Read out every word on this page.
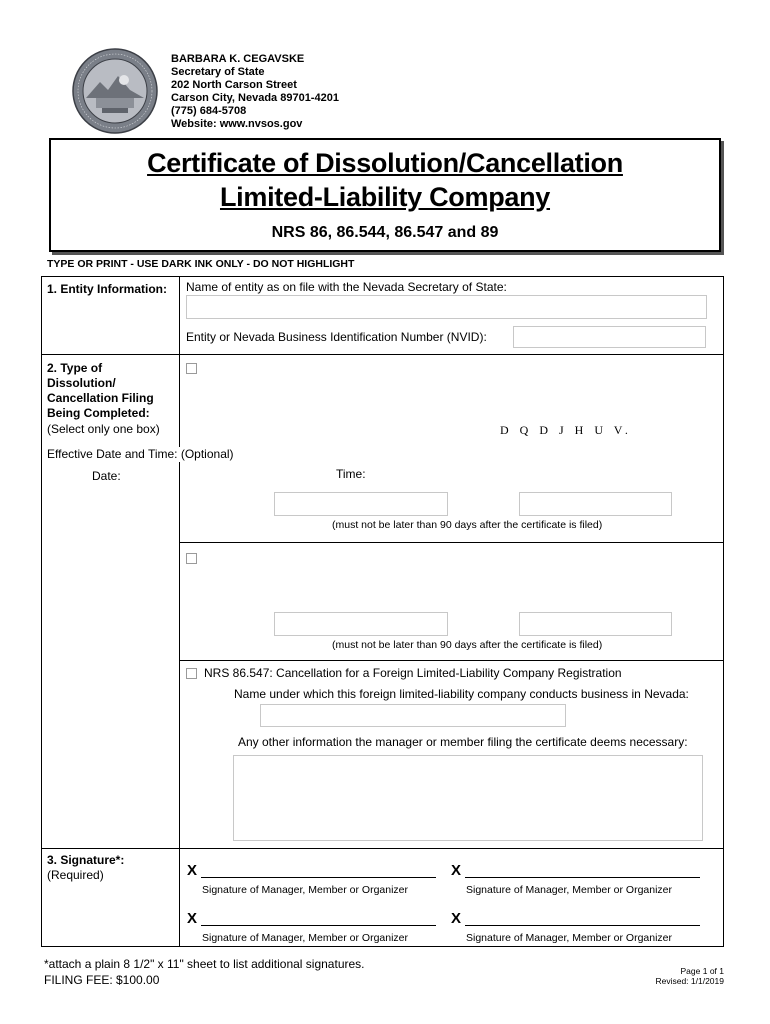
BARBARA K. CEGAVSKE
Secretary of State
202 North Carson Street
Carson City, Nevada 89701-4201
(775) 684-5708
Website: www.nvsos.gov
Certificate of Dissolution/Cancellation
Limited-Liability Company
NRS 86, 86.544, 86.547 and 89
TYPE OR PRINT - USE DARK INK ONLY - DO NOT HIGHLIGHT
1. Entity Information: Name of entity as on file with the Nevada Secretary of State:
Entity or Nevada Business Identification Number (NVID):
2. Type of
Dissolution/
Cancellation Filing
Being Completed:
(Select only one box)	D Q D J H U V.
Effective Date and Time: (Optional)
Date:	Time:
(must not be later than 90 days after the certificate is filed)
(must not be later than 90 days after the certificate is filed)
NRS 86.547: Cancellation for a Foreign Limited-Liability Company Registration
Name under which this foreign limited-liability company conducts business in Nevada:
Any other information the manager or member filing the certificate deems necessary:
3. Signature*:
(Required)	X
Signature of Manager, Member or Organizer
X
Signature of Manager, Member or Organizer
X
Signature of Manager, Member or Organizer
X
Signature of Manager, Member or Organizer
*attach a plain 8 1/2" x 11" sheet to list additional signatures.
FILING FEE: $100.00
Page 1 of 1
Revised: 1/1/2019
